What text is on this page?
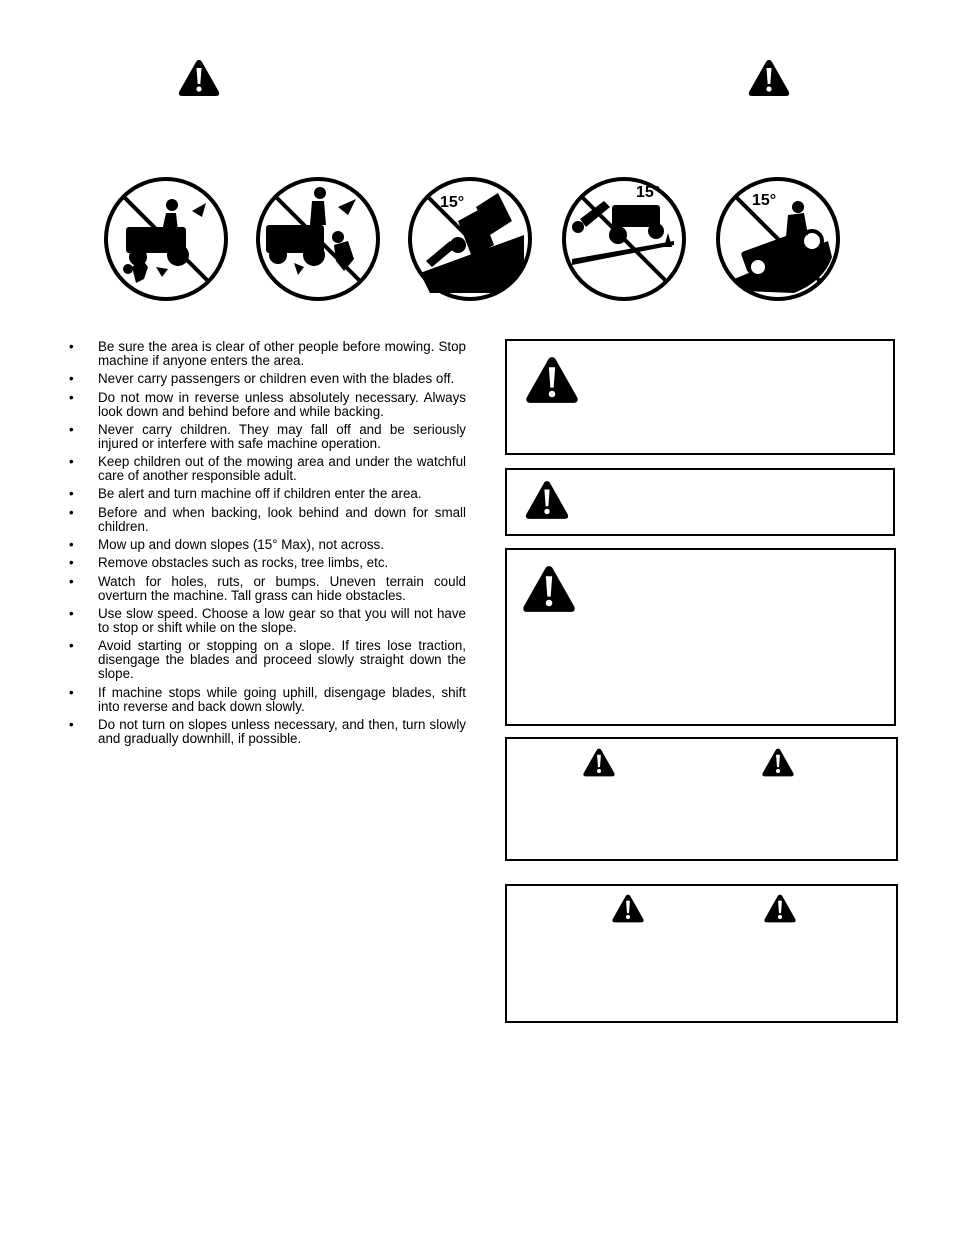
15°
15°	15°
• Be sure the area is clear of other people before mowing. Stop machine if anyone enters the area.
• Never carry passengers or children even with the blades off.
• Do not mow in reverse unless absolutely necessary. Always look down and behind before and while backing.
• Never carry children. They may fall off and be seriously injured or interfere with safe machine operation.
• Keep children out of the mowing area and under the watchful care of another responsible adult.
• Be alert and turn machine off if children enter the area.
• Before and when backing, look behind and down for small children.
• Mow up and down slopes (15° Max), not across.
• Remove obstacles such as rocks, tree limbs, etc.
• Watch for holes, ruts, or bumps. Uneven terrain could overturn the machine. Tall grass can hide obstacles.
• Use slow speed. Choose a low gear so that you will not have to stop or shift while on the slope.
• Avoid starting or stopping on a slope. If tires lose traction, disengage the blades and proceed slowly straight down the slope.
• If machine stops while going uphill, disengage blades, shift into reverse and back down slowly.
• Do not turn on slopes unless necessary, and then, turn slowly and gradually downhill, if possible.
